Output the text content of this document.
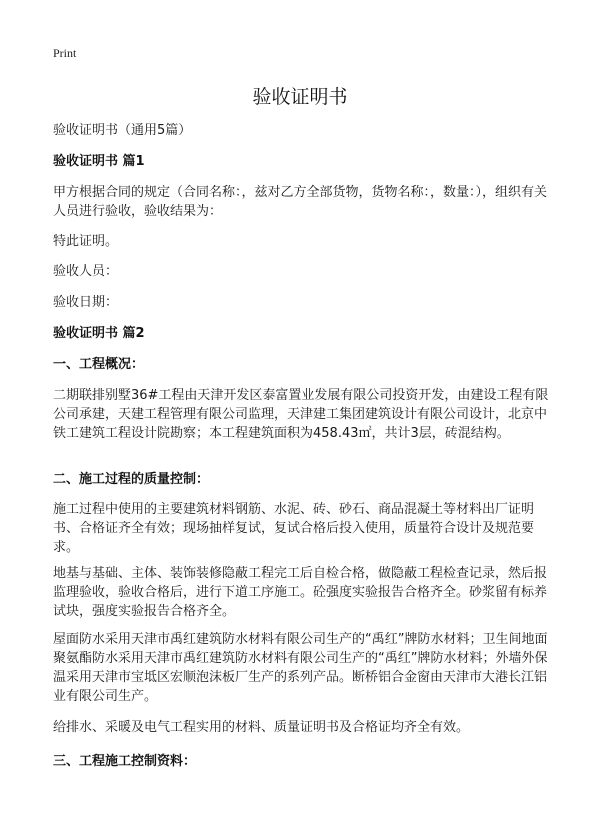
Print
验收证明书
验收证明书（通用5篇）
验收证明书 篇1
甲方根据合同的规定（合同名称：，兹对乙方全部货物，货物名称：，数量：），组织有关人员进行验收，验收结果为：
特此证明。
验收人员：
验收日期：
验收证明书 篇2
一、工程概况：
二期联排别墅36#工程由天津开发区泰富置业发展有限公司投资开发，由建设工程有限公司承建，天建工程管理有限公司监理，天津建工集团建筑设计有限公司设计，北京中铁工建筑工程设计院勘察；本工程建筑面积为458.43㎡，共计3层，砖混结构。
二、施工过程的质量控制：
施工过程中使用的主要建筑材料钢筋、水泥、砖、砂石、商品混凝土等材料出厂证明书、合格证齐全有效；现场抽样复试，复试合格后投入使用，质量符合设计及规范要求。
地基与基础、主体、装饰装修隐蔽工程完工后自检合格，做隐蔽工程检查记录，然后报监理验收，验收合格后，进行下道工序施工。砼强度实验报告合格齐全。砂浆留有标养试块，强度实验报告合格齐全。
屋面防水采用天津市禹红建筑防水材料有限公司生产的“禹红”牌防水材料；卫生间地面聚氨酯防水采用天津市禹红建筑防水材料有限公司生产的“禹红”牌防水材料；外墙外保温采用天津市宝坻区宏顺泡沫板厂生产的系列产品。断桥铝合金窗由天津市大港长江铝业有限公司生产。
给排水、采暖及电气工程实用的材料、质量证明书及合格证均齐全有效。
三、工程施工控制资料：
